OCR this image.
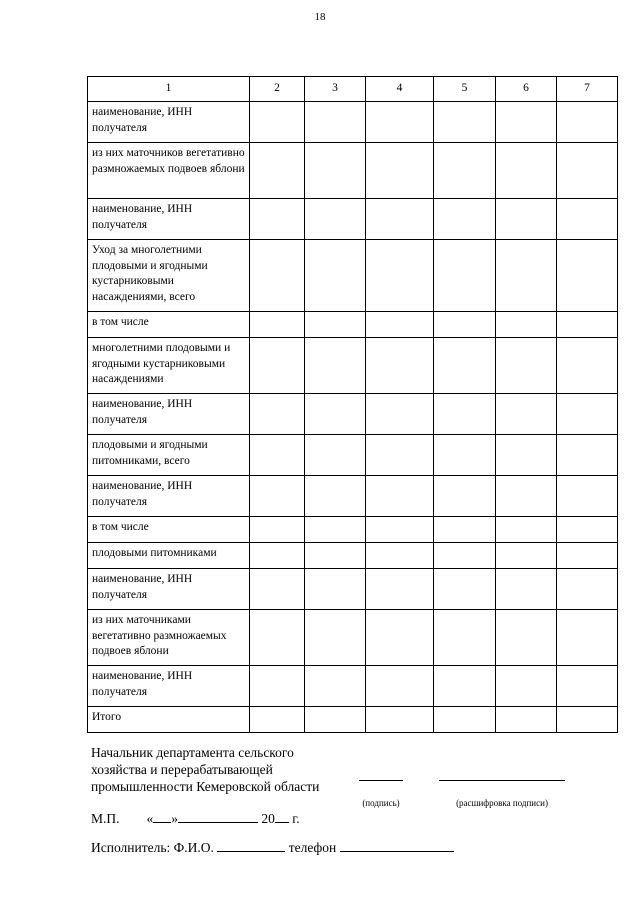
18
1	2	3	4	5	6	7
наименование, ИНН получателя						
из них маточников вегетативно размножаемых подвоев яблони						
наименование, ИНН получателя						
Уход за многолетними плодовыми и ягодными кустарниковыми насаждениями, всего						
в том числе						
многолетними плодовыми и ягодными кустарниковыми насаждениями						
наименование, ИНН получателя						
плодовыми и ягодными питомниками, всего						
наименование, ИНН получателя						
в том числе						
плодовыми питомниками						
наименование, ИНН получателя						
из них маточниками вегетативно размножаемых подвоев яблони						
наименование, ИНН получателя						
Итого						
Начальник департамента сельского
хозяйства и перерабатывающей
промышленности Кемеровской области
(подпись)	(расшифровка подписи)
М.П. « »	20 г.
Исполнитель: Ф.И.О.	телефон
